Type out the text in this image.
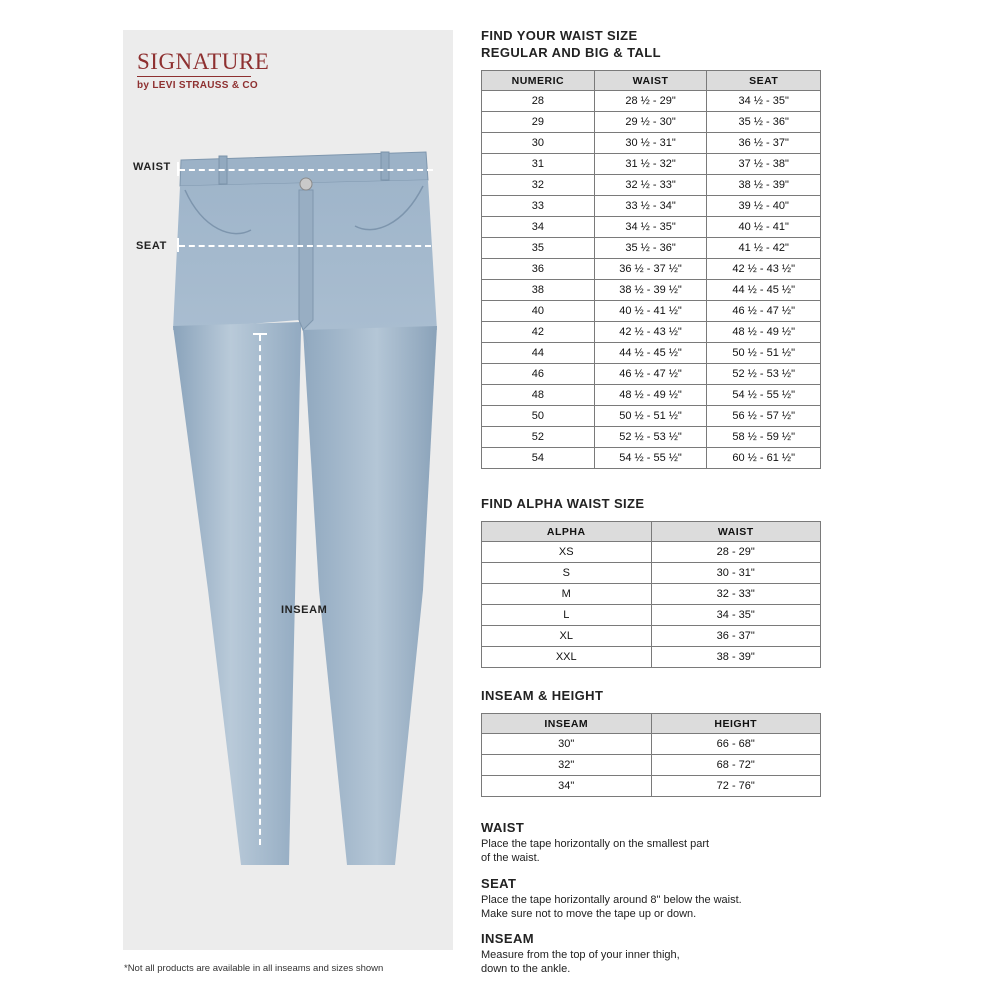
SIGNATURE
by LEVI STRAUSS & CO
WAIST
SEAT
INSEAM
*Not all products are available in all inseams and sizes shown
FIND YOUR WAIST SIZE
REGULAR AND BIG & TALL
NUMERIC	WAIST	SEAT
28	28 ½ - 29"	34 ½ - 35"
29	29 ½ - 30"	35 ½ - 36"
30	30 ½ - 31"	36 ½ - 37"
31	31 ½ - 32"	37 ½ - 38"
32	32 ½ - 33"	38 ½ - 39"
33	33 ½ - 34"	39 ½ - 40"
34	34 ½ - 35"	40 ½ - 41"
35	35 ½ - 36"	41 ½ - 42"
36	36 ½ - 37 ½"	42 ½ - 43 ½"
38	38 ½ - 39 ½"	44 ½ - 45 ½"
40	40 ½ - 41 ½"	46 ½ - 47 ½"
42	42 ½ - 43 ½"	48 ½ - 49 ½"
44	44 ½ - 45 ½"	50 ½ - 51 ½"
46	46 ½ - 47 ½"	52 ½ - 53 ½"
48	48 ½ - 49 ½"	54 ½ - 55 ½"
50	50 ½ - 51 ½"	56 ½ - 57 ½"
52	52 ½ - 53 ½"	58 ½ - 59 ½"
54	54 ½ - 55 ½"	60 ½ - 61 ½"
FIND ALPHA WAIST SIZE
ALPHA	WAIST
XS	28 - 29"
S	30 - 31"
M	32 - 33"
L	34 - 35"
XL	36 - 37"
XXL	38 - 39"
INSEAM & HEIGHT
INSEAM	HEIGHT
30"	66 - 68"
32"	68 - 72"
34"	72 - 76"
WAIST
Place the tape horizontally on the smallest part
of the waist.
SEAT
Place the tape horizontally around 8" below the waist.
Make sure not to move the tape up or down.
INSEAM
Measure from the top of your inner thigh,
down to the ankle.
